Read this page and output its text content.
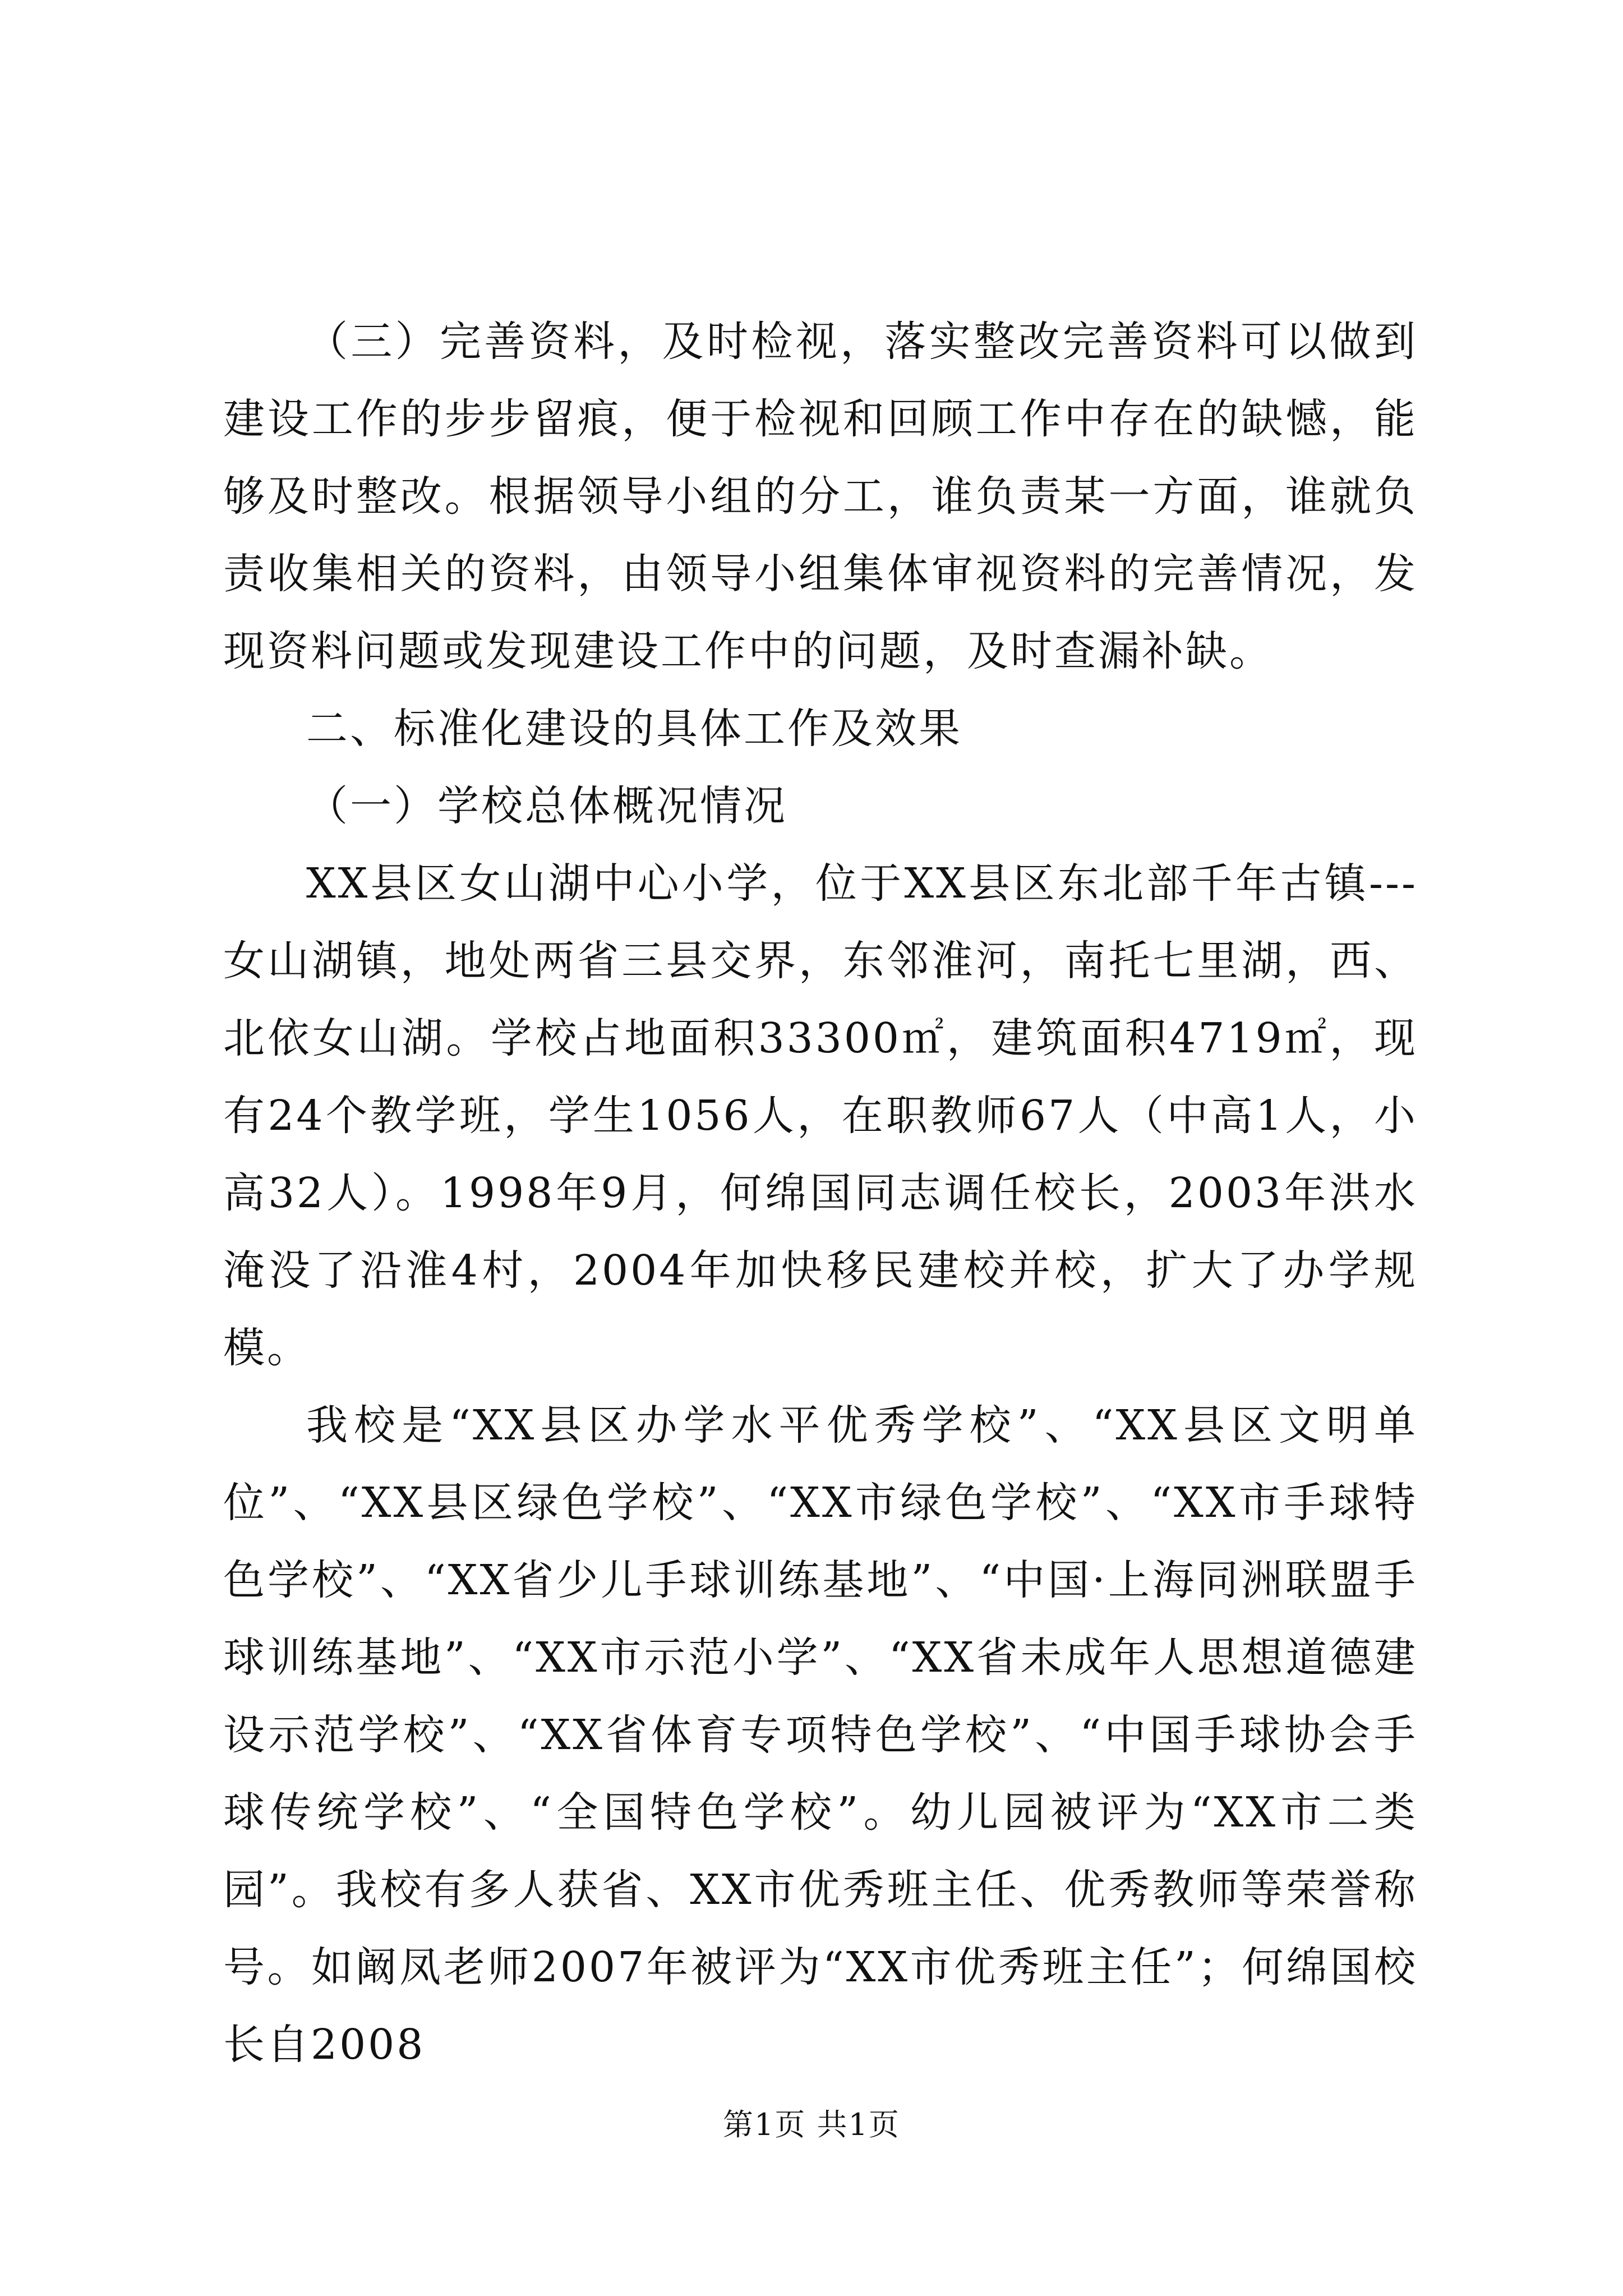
（三）完善资料，及时检视，落实整改完善资料可以做到建设工作的步步留痕，便于检视和回顾工作中存在的缺憾，能够及时整改。根据领导小组的分工，谁负责某一方面，谁就负责收集相关的资料，由领导小组集体审视资料的完善情况，发现资料问题或发现建设工作中的问题，及时查漏补缺。

二、标准化建设的具体工作及效果

（一）学校总体概况情况

XX县区女山湖中心小学，位于XX县区东北部千年古镇---女山湖镇，地处两省三县交界，东邻淮河，南托七里湖，西、北依女山湖。学校占地面积33300㎡，建筑面积4719㎡，现有24个教学班，学生1056人，在职教师67人（中高1人，小高32人）。1998年9月，何绵国同志调任校长，2003年洪水淹没了沿淮4村，2004年加快移民建校并校，扩大了办学规模。

我校是“XX县区办学水平优秀学校”、“XX县区文明单位”、“XX县区绿色学校”、“XX市绿色学校”、“XX市手球特色学校”、“XX省少儿手球训练基地”、“中国·上海同洲联盟手球训练基地”、“XX市示范小学”、“XX省未成年人思想道德建设示范学校”、“XX省体育专项特色学校”、“中国手球协会手球传统学校”、“全国特色学校”。幼儿园被评为“XX市二类园”。我校有多人获省、XX市优秀班主任、优秀教师等荣誉称号。如阚凤老师2007年被评为“XX市优秀班主任”；何绵国校长自2008

第1页 共1页
